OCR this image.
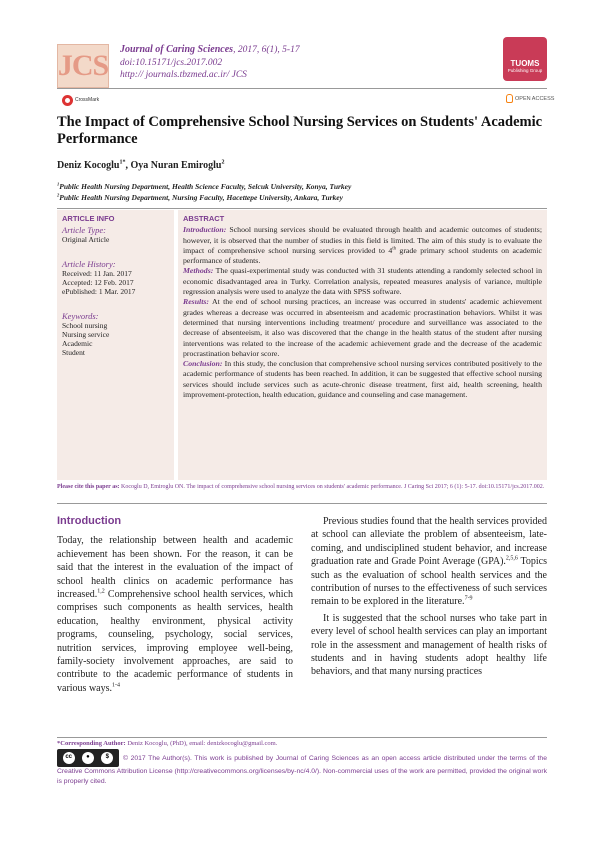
JCS Journal of Caring Sciences, 2017, 6(1), 5-17
doi:10.15171/jcs.2017.002
http:// journals.tbzmed.ac.ir/ JCS
TUOMS
Publishing Group
CrossMark	OPEN ACCESS
The Impact of Comprehensive School Nursing Services on Students' Academic Performance
Deniz Kocoglu$^{1*}$, Oya Nuran Emiroglu$^2$
$^1$Public Health Nursing Department, Health Science Faculty, Selcuk University, Konya, Turkey
$^2$Public Health Nursing Department, Nursing Faculty, Hacettepe University, Ankara, Turkey
ARTICLE INFO
Article Type:
Original Article
Article History:
Received: 11 Jan. 2017
Accepted: 12 Feb. 2017
ePublished: 1 Mar. 2017
Keywords:
School nursing
Nursing service
Academic
Student
ABSTRACT

Introduction: School nursing services should be evaluated through health and academic outcomes of students; however, it is observed that the number of studies in this field is limited. The aim of this study is to evaluate the impact of comprehensive school nursing services provided to 4th grade primary school students on academic performance of students.

Methods: The quasi-experimental study was conducted with 31 students attending a randomly selected school in economic disadvantaged area in Turky. Correlation analysis, repeated measures analysis of variance, multiple regression analysis were used to analyze the data with SPSS software.

Results: At the end of school nursing practices, an increase was occurred in students' academic achievement grades whereas a decrease was occurred in absenteeism and academic procrastination behaviors. Whilst it was determined that nursing interventions including treatment/ procedure and surveillance was associated to the decrease of absenteeism, it also was discovered that the change in the health status of the student after nursing interventions was related to the increase of the academic achievement grade and the decrease of the academic procrastination behavior score.

Conclusion: In this study, the conclusion that comprehensive school nursing services contributed positively to the academic performance of students has been reached. In addition, it can be suggested that effective school nursing services should include services such as acute-chronic disease treatment, first aid, health screening, health improvement-protection, health education, guidance and counseling and case management.

Please cite this paper as: Kocoglu D, Emiroglu ON. The impact of comprehensive school nursing services on students' academic performance. J Caring Sci 2017; 6 (1): 5-17. doi:10.15171/jcs.2017.002.
Introduction

Today, the relationship between health and academic achievement has been shown. For the reason, it can be said that the interest in the evaluation of the impact of school health clinics on academic performance has increased.$^{1,2}$ Comprehensive school health services, which comprises such components as health services, health education, healthy environment, physical activity programs, counseling, psychology, social services, nutrition services, improving employee well-being, family-society involvement approaches, are said to contribute to the academic performance of students in various ways.$^{1-4}$

Previous studies found that the health services provided at school can alleviate the problem of absenteeism, late-coming, and undisciplined student behavior, and increase graduation rate and Grade Point Average (GPA).$^{2,5,6}$ Topics such as the evaluation of school health services and the contribution of nurses to the effectiveness of such services remain to be explored in the literature.$^{7-9}$

It is suggested that the school nurses who take part in every level of school health services can play an important role in the assessment and management of health risks of students and in having students adopt healthy life behaviors, and that many nursing practices

*Corresponding Author: Deniz Kocoglu, (PhD), email: denizkocoglu@gmail.com.
cc	●	$	© 2017 The Author(s). This work is published by Journal of Caring Sciences as an open access article distributed under the terms of the Creative Commons Attribution License (http://creativecommons.org/licenses/by-nc/4.0/). Non-commercial uses of the work are permitted, provided the original work is properly cited.
